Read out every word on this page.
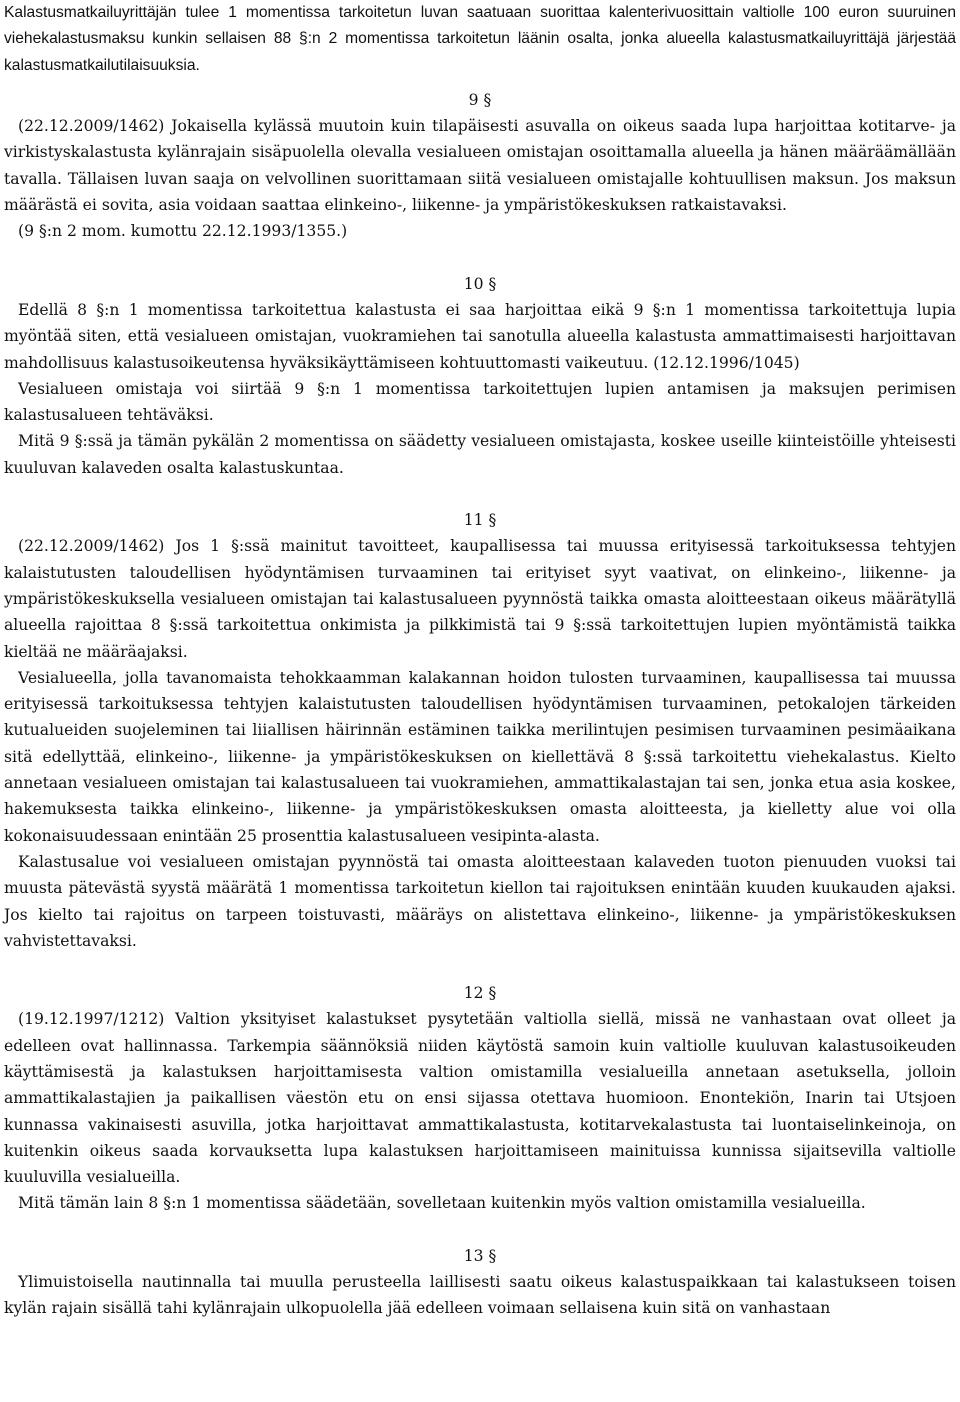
Kalastusmatkailuyrittäjän tulee 1 momentissa tarkoitetun luvan saatuaan suorittaa kalenterivuosittain valtiolle 100 euron suuruinen viehekalastusmaksu kunkin sellaisen 88 §:n 2 momentissa tarkoitetun läänin osalta, jonka alueella kalastusmatkailuyrittäjä järjestää kalastusmatkailutilaisuuksia.

9 §

(22.12.2009/1462) Jokaisella kylässä muutoin kuin tilapäisesti asuvalla on oikeus saada lupa harjoittaa kotitarve- ja virkistyskalastusta kylänrajain sisäpuolella olevalla vesialueen omistajan osoittamalla alueella ja hänen määräämällään tavalla. Tällaisen luvan saaja on velvollinen suorittamaan siitä vesialueen omistajalle kohtuullisen maksun. Jos maksun määrästä ei sovita, asia voidaan saattaa elinkeino-, liikenne- ja ympäristökeskuksen ratkaistavaksi.

(9 §:n 2 mom. kumottu 22.12.1993/1355.)

10 §

Edellä 8 §:n 1 momentissa tarkoitettua kalastusta ei saa harjoittaa eikä 9 §:n 1 momentissa tarkoitettuja lupia myöntää siten, että vesialueen omistajan, vuokramiehen tai sanotulla alueella kalastusta ammattimaisesti harjoittavan mahdollisuus kalastusoikeutensa hyväksikäyttämiseen kohtuuttomasti vaikeutuu. (12.12.1996/1045)

Vesialueen omistaja voi siirtää 9 §:n 1 momentissa tarkoitettujen lupien antamisen ja maksujen perimisen kalastusalueen tehtäväksi.

Mitä 9 §:ssä ja tämän pykälän 2 momentissa on säädetty vesialueen omistajasta, koskee useille kiinteistöille yhteisesti kuuluvan kalaveden osalta kalastuskuntaa.

11 §

(22.12.2009/1462) Jos 1 §:ssä mainitut tavoitteet, kaupallisessa tai muussa erityisessä tarkoituksessa tehtyjen kalaistutusten taloudellisen hyödyntämisen turvaaminen tai erityiset syyt vaativat, on elinkeino-, liikenne- ja ympäristökeskuksella vesialueen omistajan tai kalastusalueen pyynnöstä taikka omasta aloitteestaan oikeus määrätyllä alueella rajoittaa 8 §:ssä tarkoitettua onkimista ja pilkkimistä tai 9 §:ssä tarkoitettujen lupien myöntämistä taikka kieltää ne määräajaksi.

Vesialueella, jolla tavanomaista tehokkaamman kalakannan hoidon tulosten turvaaminen, kaupallisessa tai muussa erityisessä tarkoituksessa tehtyjen kalaistutusten taloudellisen hyödyntämisen turvaaminen, petokalojen tärkeiden kutualueiden suojeleminen tai liiallisen häirinnän estäminen taikka merilintujen pesimisen turvaaminen pesimäaikana sitä edellyttää, elinkeino-, liikenne- ja ympäristökeskuksen on kiellettävä 8 §:ssä tarkoitettu viehekalastus. Kielto annetaan vesialueen omistajan tai kalastusalueen tai vuokramiehen, ammattikalastajan tai sen, jonka etua asia koskee, hakemuksesta taikka elinkeino-, liikenne- ja ympäristökeskuksen omasta aloitteesta, ja kielletty alue voi olla kokonaisuudessaan enintään 25 prosenttia kalastusalueen vesipinta-alasta.

Kalastusalue voi vesialueen omistajan pyynnöstä tai omasta aloitteestaan kalaveden tuoton pienuuden vuoksi tai muusta pätevästä syystä määrätä 1 momentissa tarkoitetun kiellon tai rajoituksen enintään kuuden kuukauden ajaksi. Jos kielto tai rajoitus on tarpeen toistuvasti, määräys on alistettava elinkeino-, liikenne- ja ympäristökeskuksen vahvistettavaksi.

12 §

(19.12.1997/1212) Valtion yksityiset kalastukset pysytetään valtiolla siellä, missä ne vanhastaan ovat olleet ja edelleen ovat hallinnassa. Tarkempia säännöksiä niiden käytöstä samoin kuin valtiolle kuuluvan kalastusoikeuden käyttämisestä ja kalastuksen harjoittamisesta valtion omistamilla vesialueilla annetaan asetuksella, jolloin ammattikalastajien ja paikallisen väestön etu on ensi sijassa otettava huomioon. Enontekiön, Inarin tai Utsjoen kunnassa vakinaisesti asuvilla, jotka harjoittavat ammattikalastusta, kotitarvekalastusta tai luontaiselinkeinoja, on kuitenkin oikeus saada korvauksetta lupa kalastuksen harjoittamiseen mainituissa kunnissa sijaitsevilla valtiolle kuuluvilla vesialueilla.

Mitä tämän lain 8 §:n 1 momentissa säädetään, sovelletaan kuitenkin myös valtion omistamilla vesialueilla.

13 §

Ylimuistoisella nautinnalla tai muulla perusteella laillisesti saatu oikeus kalastuspaikkaan tai kalastukseen toisen kylän rajain sisällä tahi kylänrajain ulkopuolella jää edelleen voimaan sellaisena kuin sitä on vanhastaan
